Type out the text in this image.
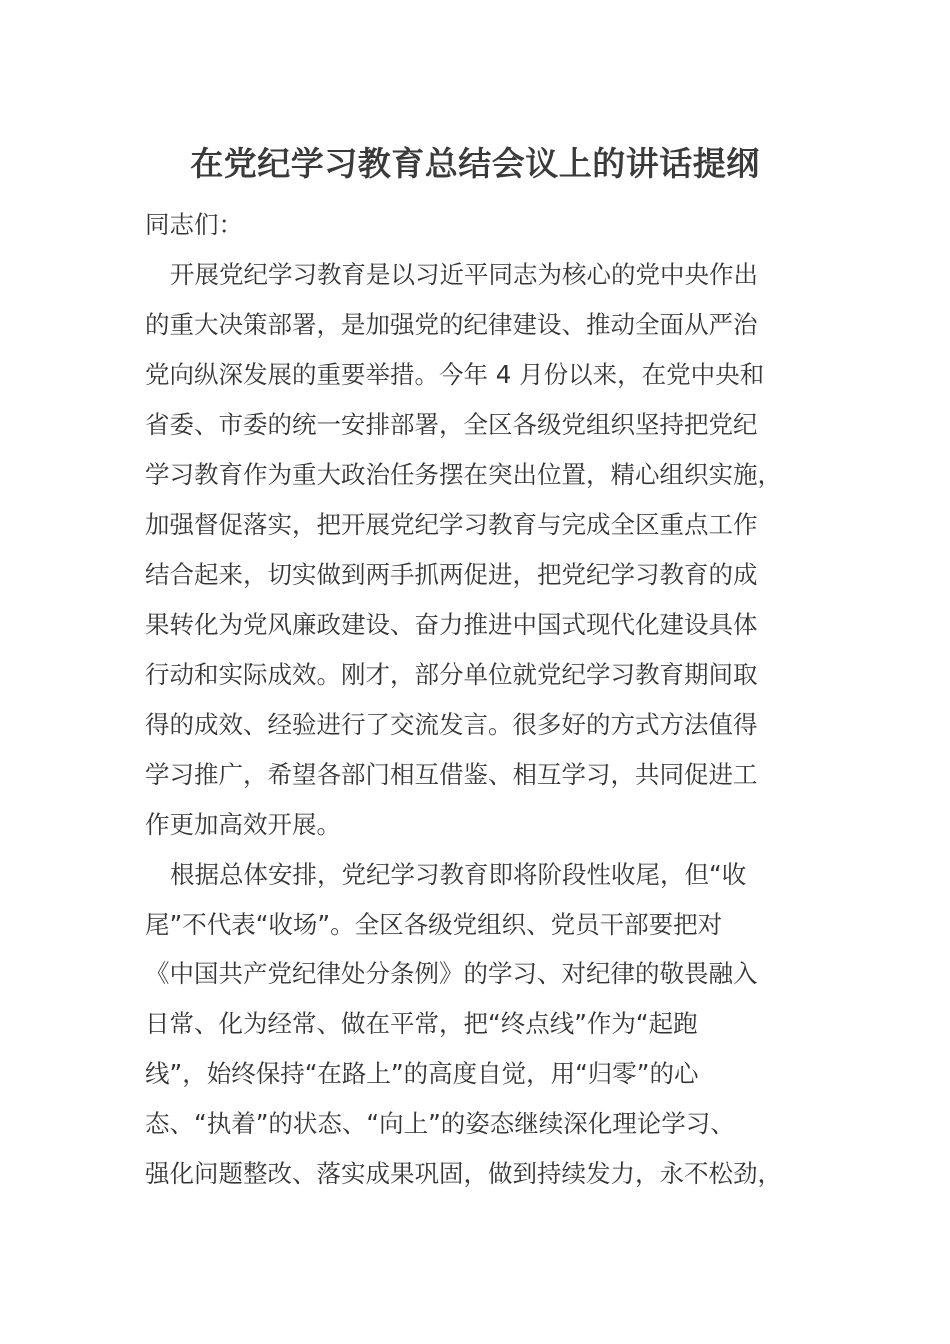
在党纪学习教育总结会议上的讲话提纲
同志们：
开展党纪学习教育是以习近平同志为核心的党中央作出
的重大决策部署，是加强党的纪律建设、推动全面从严治
党向纵深发展的重要举措。今年 4 月份以来，在党中央和
省委、市委的统一安排部署，全区各级党组织坚持把党纪
学习教育作为重大政治任务摆在突出位置，精心组织实施，
加强督促落实，把开展党纪学习教育与完成全区重点工作
结合起来，切实做到两手抓两促进，把党纪学习教育的成
果转化为党风廉政建设、奋力推进中国式现代化建设具体
行动和实际成效。刚才，部分单位就党纪学习教育期间取
得的成效、经验进行了交流发言。很多好的方式方法值得
学习推广，希望各部门相互借鉴、相互学习，共同促进工
作更加高效开展。
根据总体安排，党纪学习教育即将阶段性收尾，但“收
尾”不代表“收场”。全区各级党组织、党员干部要把对
《中国共产党纪律处分条例》的学习、对纪律的敬畏融入
日常、化为经常、做在平常，把“终点线”作为“起跑
线”，始终保持“在路上”的高度自觉，用“归零”的心
态、“执着”的状态、“向上”的姿态继续深化理论学习、
强化问题整改、落实成果巩固，做到持续发力，永不松劲，
